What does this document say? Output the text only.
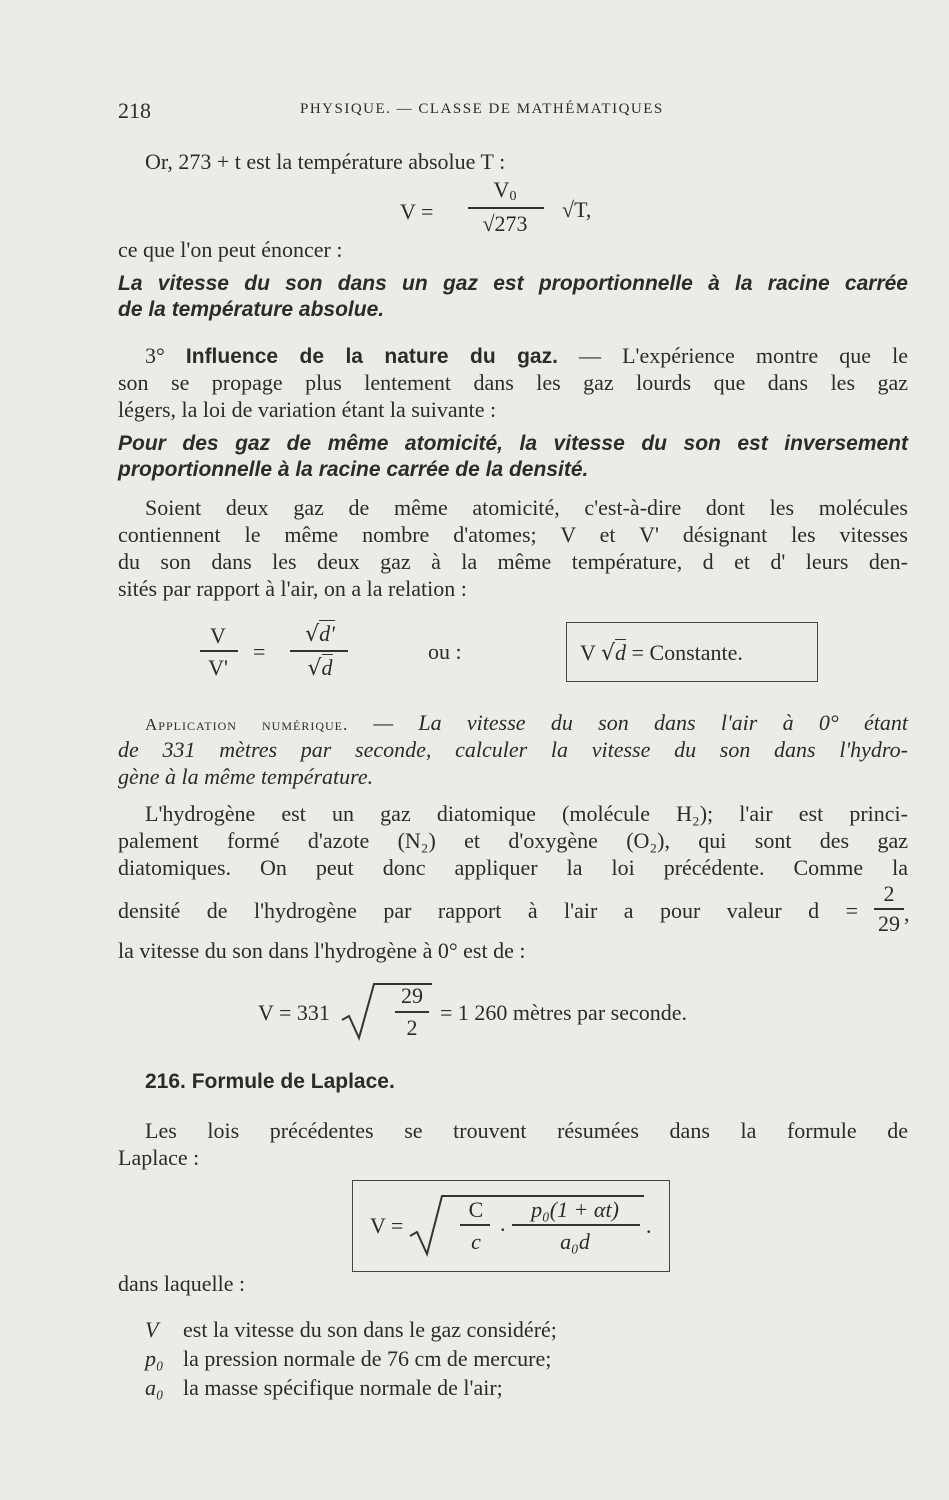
218	PHYSIQUE. — CLASSE DE MATHÉMATIQUES
Or, 273 + t est la température absolue T :
V =
$V_0$
√273
√T,
ce que l'on peut énoncer :
La vitesse du son dans un gaz est proportionnelle à la racine carrée
de la température absolue.
3° Influence de la nature du gaz. — L'expérience montre que le
son se propage plus lentement dans les gaz lourds que dans les gaz
légers, la loi de variation étant la suivante :
Pour des gaz de même atomicité, la vitesse du son est inversement
proportionnelle à la racine carrée de la densité.
Soient deux gaz de même atomicité, c'est-à-dire dont les molécules
contiennent le même nombre d'atomes; V et V' désignant les vitesses
du son dans les deux gaz à la même température, d et d' leurs den-
sités par rapport à l'air, on a la relation :
V
V'
=
√d'
√d
ou :	V √d = Constante.
Application numérique. — La vitesse du son dans l'air à 0° étant
de 331 mètres par seconde, calculer la vitesse du son dans l'hydro-
gène à la même température.
L'hydrogène est un gaz diatomique (molécule H₂); l'air est princi-
palement formé d'azote (N₂) et d'oxygène (O₂), qui sont des gaz
diatomiques. On peut donc appliquer la loi précédente. Comme la
densité de l'hydrogène par rapport à l'air a pour valeur d =
2
29 ,
la vitesse du son dans l'hydrogène à 0° est de :
V = 331
29
2
= 1 260 mètres par seconde.
216. Formule de Laplace.
Les lois précédentes se trouvent résumées dans la formule de
Laplace :
V =
C
c
.
p₀(1 + αt)
a₀d
.
dans laquelle :
V est la vitesse du son dans le gaz considéré;
p₀ la pression normale de 76 cm de mercure;
a₀ la masse spécifique normale de l'air;
